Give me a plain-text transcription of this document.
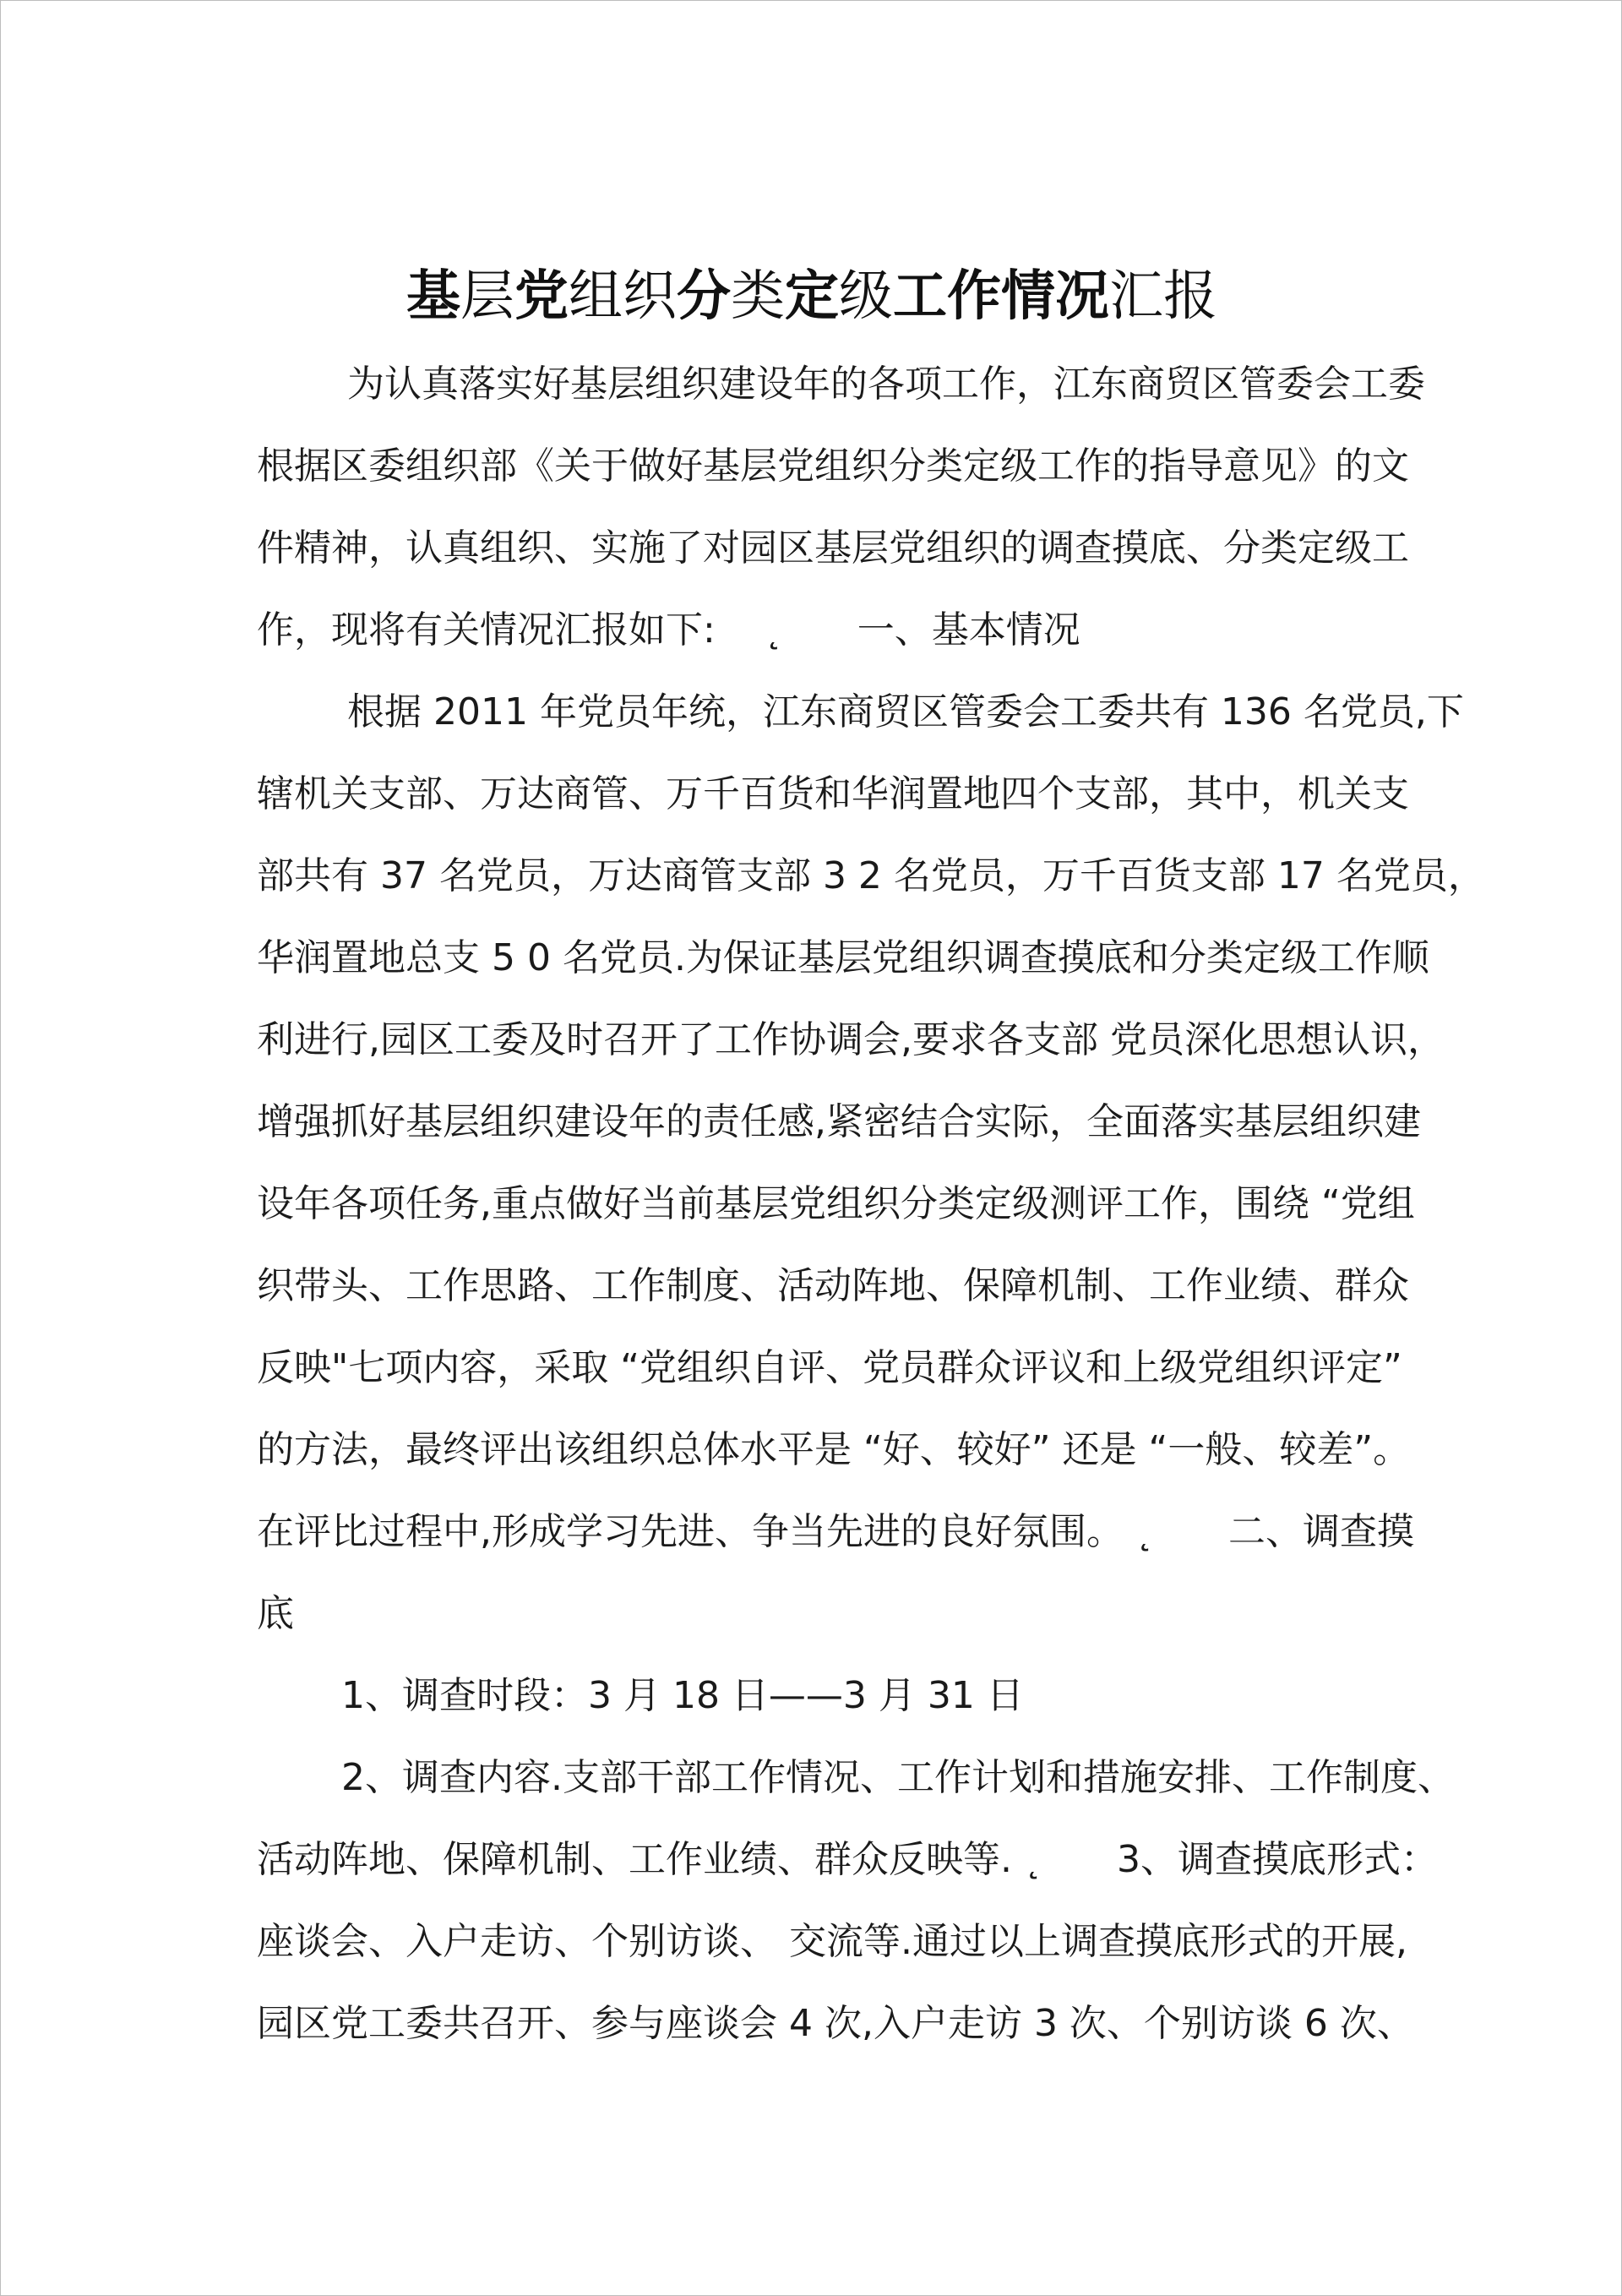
基层党组织分类定级工作情况汇报

为认真落实好基层组织建设年的各项工作，江东商贸区管委会工委

根据区委组织部《关于做好基层党组织分类定级工作的指导意见》的文

件精神，认真组织、实施了对园区基层党组织的调查摸底、分类定级工

作，现将有关情况汇报如下:　 ˛　　一、基本情况

根据 2011 年党员年统，江东商贸区管委会工委共有 136 名党员,下

辖机关支部、万达商管、万千百货和华润置地四个支部，其中，机关支

部共有 37 名党员，万达商管支部 3 2 名党员，万千百货支部 17 名党员，

华润置地总支 5 0 名党员.为保证基层党组织调查摸底和分类定级工作顺

利进行,园区工委及时召开了工作协调会,要求各支部 党员深化思想认识，

增强抓好基层组织建设年的责任感,紧密结合实际，全面落实基层组织建

设年各项任务,重点做好当前基层党组织分类定级测评工作，围绕 “党组

织带头、工作思路、工作制度、活动阵地、保障机制、工作业绩、群众

反映"七项内容，采取 “党组织自评、党员群众评议和上级党组织评定”

的方法，最终评出该组织总体水平是 “好、较好” 还是 “一般、较差”。

在评比过程中,形成学习先进、争当先进的良好氛围。 ˛　　二、调查摸

底

1、调查时段：3 月 18 日——3 月 31 日

2、调查内容.支部干部工作情况、工作计划和措施安排、工作制度、

活动阵地、保障机制、工作业绩、群众反映等. ˛　　3、调查摸底形式：

座谈会、入户走访、个别访谈、 交流等.通过以上调查摸底形式的开展,

园区党工委共召开、参与座谈会 4 次,入户走访 3 次、个别访谈 6 次、
